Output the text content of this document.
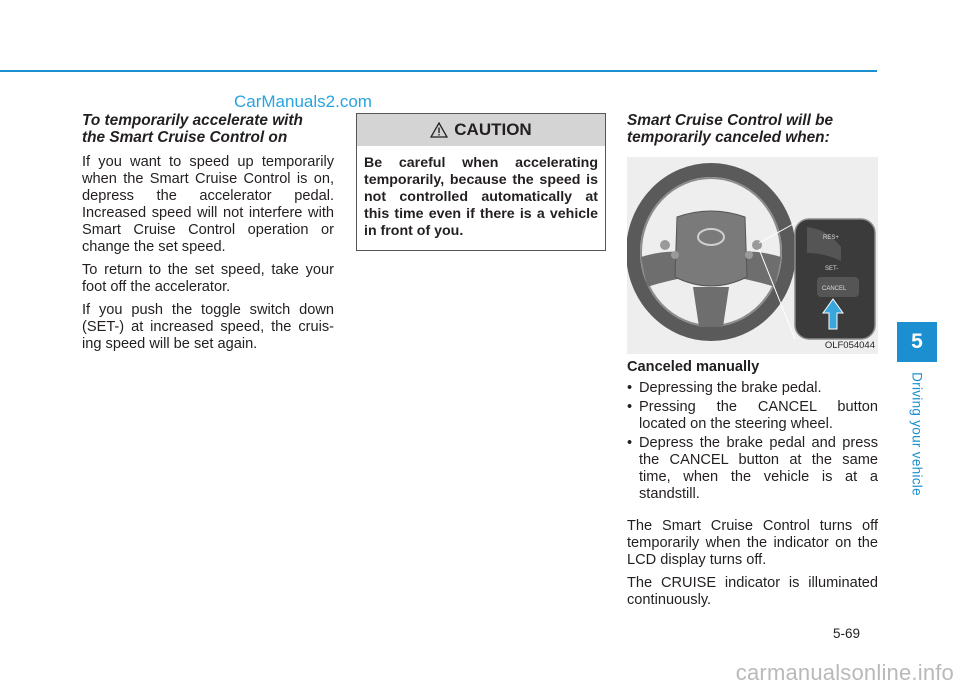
CarManuals2.com
To temporarily accelerate with
the Smart Cruise Control on

If you want to speed up temporarily when the Smart Cruise Control is on, depress the accelerator pedal. Increased speed will not interfere with Smart Cruise Control operation or change the set speed.

To return to the set speed, take your foot off the accelerator.

If you push the toggle switch down (SET-) at increased speed, the cruis-ing speed will be set again.

CAUTION
Be careful when accelerating temporarily, because the speed is not controlled automatically at this time even if there is a vehicle in front of you.
Smart Cruise Control will be
temporarily canceled when:
RES+
SET-
CANCEL
OLF054044
Canceled manually
• Depressing the brake pedal.
• Pressing the CANCEL button located on the steering wheel.
• Depress the brake pedal and press the CANCEL button at the same time, when the vehicle is at a standstill.

The Smart Cruise Control turns off temporarily when the indicator on the LCD display turns off.

The CRUISE indicator is illuminated continuously.

5
Driving your vehicle
5-69
carmanualsonline.info
